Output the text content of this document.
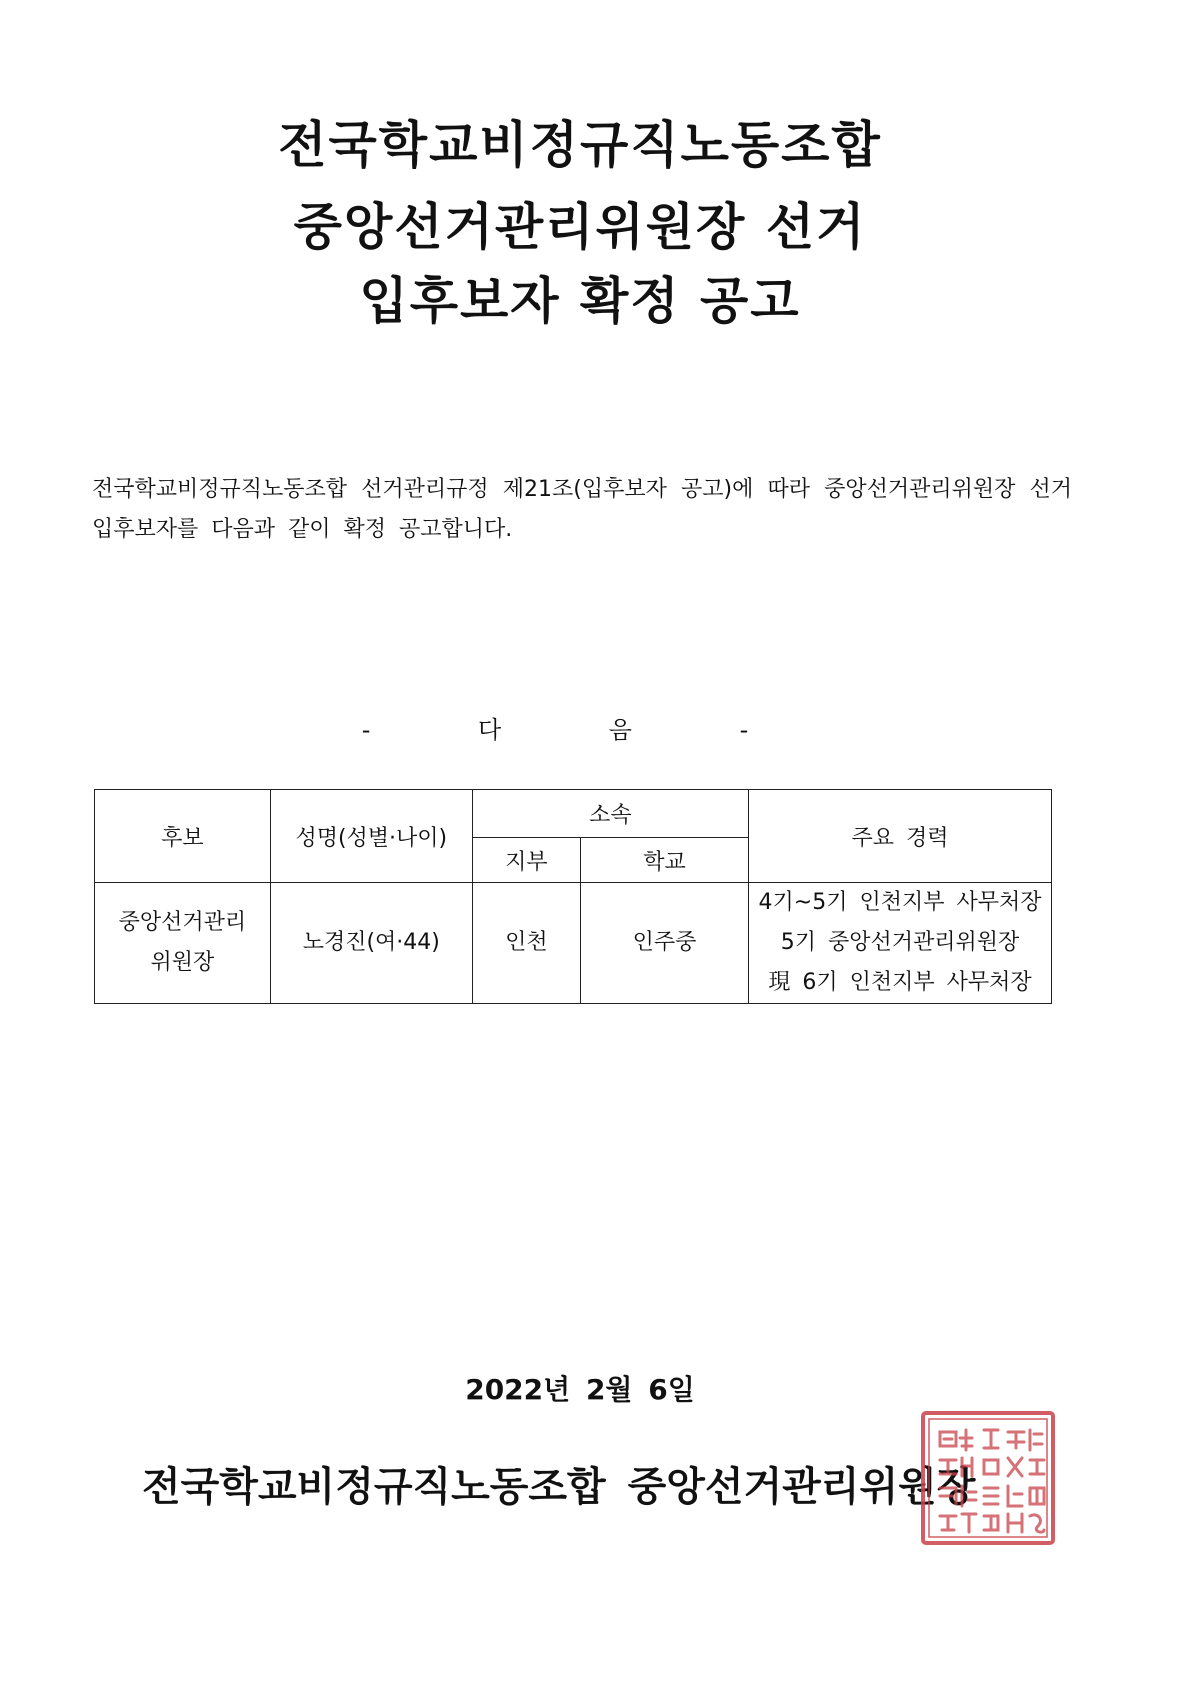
전국학교비정규직노동조합
중앙선거관리위원장 선거
입후보자 확정 공고

전국학교비정규직노동조합 선거관리규정 제21조(입후보자 공고)에 따라 중앙선거관리위원장 선거 입후보자를 다음과 같이 확정 공고합니다.

- 다 음 -

후보	성명(성별·나이)	소속		주요 경력
		지부	학교	

중앙선거관리
위원장	노경진(여·44)	인천	인주중	4기~5기 인천지부 사무처장
5기 중앙선거관리위원장
現 6기 인천지부 사무처장

2022년 2월 6일

전국학교비정규직노동조합 중앙선거관리위원장
